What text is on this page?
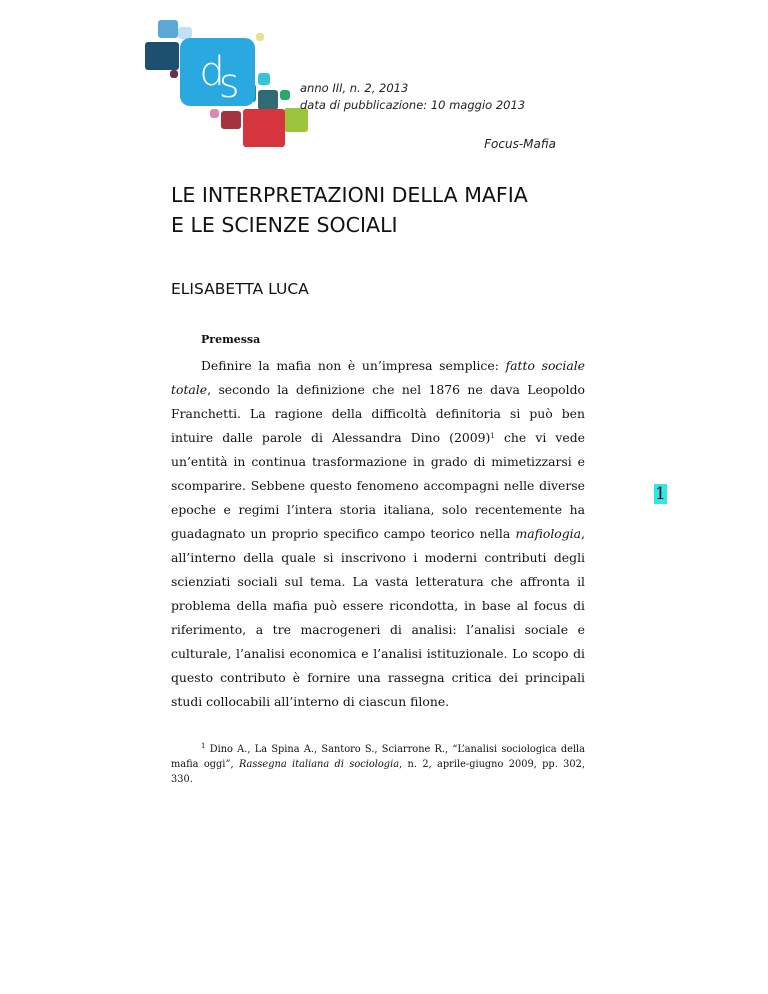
d
s	anno III, n. 2, 2013
data di pubblicazione: 10 maggio 2013
Focus-Mafia
LE INTERPRETAZIONI DELLA MAFIA
E LE SCIENZE SOCIALI
ELISABETTA LUCA
Premessa

Definire la mafia non è un’impresa semplice: fatto sociale totale, secondo la definizione che nel 1876 ne dava Leopoldo Franchetti. La ragione della difficoltà definitoria si può ben intuire dalle parole di Alessandra Dino (2009)$^1$ che vi vede un’entità in continua trasformazione in grado di mimetizzarsi e scomparire. Sebbene questo fenomeno accompagni nelle diverse epoche e regimi l’intera storia italiana, solo recentemente ha guadagnato un proprio specifico campo teorico nella mafiologia, all’interno della quale si inscrivono i moderni contributi degli scienziati sociali sul tema. La vasta letteratura che affronta il problema della mafia può essere ricondotta, in base al focus di riferimento, a tre macrogeneri di analisi: l’analisi sociale e culturale, l’analisi economica e l’analisi istituzionale. Lo scopo di questo contributo è fornire una rassegna critica dei principali studi collocabili all’interno di ciascun filone.

$^1$ Dino A., La Spina A., Santoro S., Sciarrone R., “L’analisi sociologica della mafia oggi”, Rassegna italiana di sociologia, n. 2, aprile-giugno 2009, pp. 302, 330.

1
